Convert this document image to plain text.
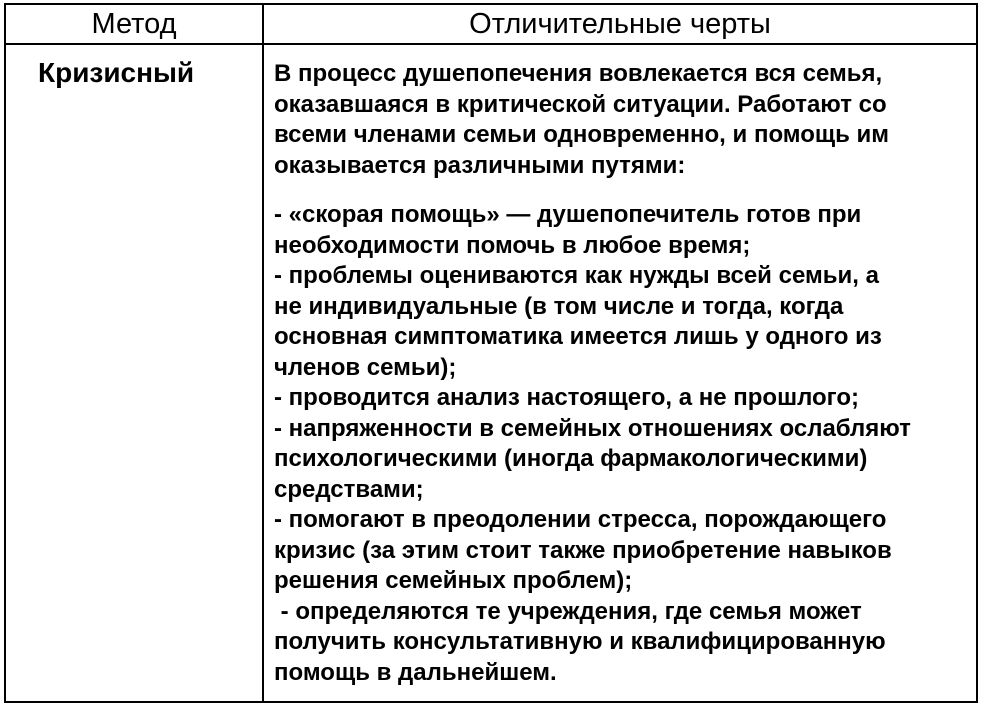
Метод	Отличительные черты
Кризисный	В процесс душепопечения вовлекается вся семья,
оказавшаяся в критической ситуации. Работают со
всеми членами семьи одновременно, и помощь им
оказывается различными путями:
- «скорая помощь» — душепопечитель готов при
необходимости помочь в любое время;
- проблемы оцениваются как нужды всей семьи, а
не индивидуальные (в том числе и тогда, когда
основная симптоматика имеется лишь у одного из
членов семьи);
- проводится анализ настоящего, а не прошлого;
- напряженности в семейных отношениях ослабляют
психологическими (иногда фармакологическими)
средствами;
- помогают в преодолении стресса, порождающего
кризис (за этим стоит также приобретение навыков
решения семейных проблем);
- определяются те учреждения, где семья может
получить консультативную и квалифицированную
помощь в дальнейшем.
